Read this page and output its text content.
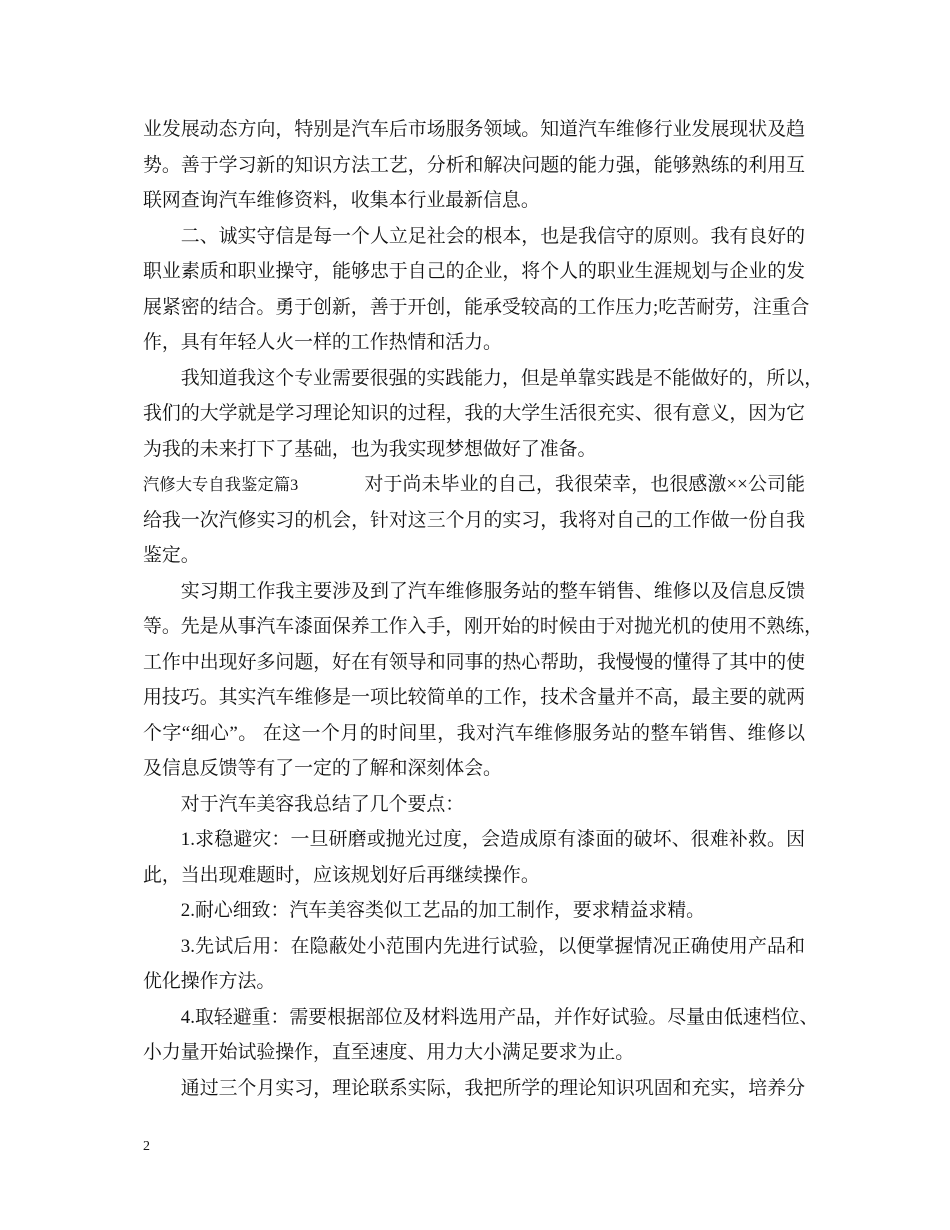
业发展动态方向，特别是汽车后市场服务领域。知道汽车维修行业发展现状及趋
势。善于学习新的知识方法工艺，分析和解决问题的能力强，能够熟练的利用互
联网查询汽车维修资料，收集本行业最新信息。
二、诚实守信是每一个人立足社会的根本，也是我信守的原则。我有良好的
职业素质和职业操守，能够忠于自己的企业，将个人的职业生涯规划与企业的发
展紧密的结合。勇于创新，善于开创，能承受较高的工作压力;吃苦耐劳，注重合
作，具有年轻人火一样的工作热情和活力。
我知道我这个专业需要很强的实践能力，但是单靠实践是不能做好的，所以，
我们的大学就是学习理论知识的过程，我的大学生活很充实、很有意义，因为它
为我的未来打下了基础，也为我实现梦想做好了准备。
汽修大专自我鉴定篇3	对于尚未毕业的自己，我很荣幸，也很感激××公司能
给我一次汽修实习的机会，针对这三个月的实习，我将对自己的工作做一份自我
鉴定。
实习期工作我主要涉及到了汽车维修服务站的整车销售、维修以及信息反馈
等。先是从事汽车漆面保养工作入手，刚开始的时候由于对抛光机的使用不熟练，
工作中出现好多问题，好在有领导和同事的热心帮助，我慢慢的懂得了其中的使
用技巧。其实汽车维修是一项比较简单的工作，技术含量并不高，最主要的就两
个字“细心”。 在这一个月的时间里，我对汽车维修服务站的整车销售、维修以
及信息反馈等有了一定的了解和深刻体会。
对于汽车美容我总结了几个要点：
1.求稳避灾：一旦研磨或抛光过度，会造成原有漆面的破坏、很难补救。因
此，当出现难题时，应该规划好后再继续操作。
2.耐心细致：汽车美容类似工艺品的加工制作，要求精益求精。
3.先试后用：在隐蔽处小范围内先进行试验，以便掌握情况正确使用产品和
优化操作方法。
4.取轻避重：需要根据部位及材料选用产品，并作好试验。尽量由低速档位、
小力量开始试验操作，直至速度、用力大小满足要求为止。
通过三个月实习，理论联系实际，我把所学的理论知识巩固和充实，培养分
2
